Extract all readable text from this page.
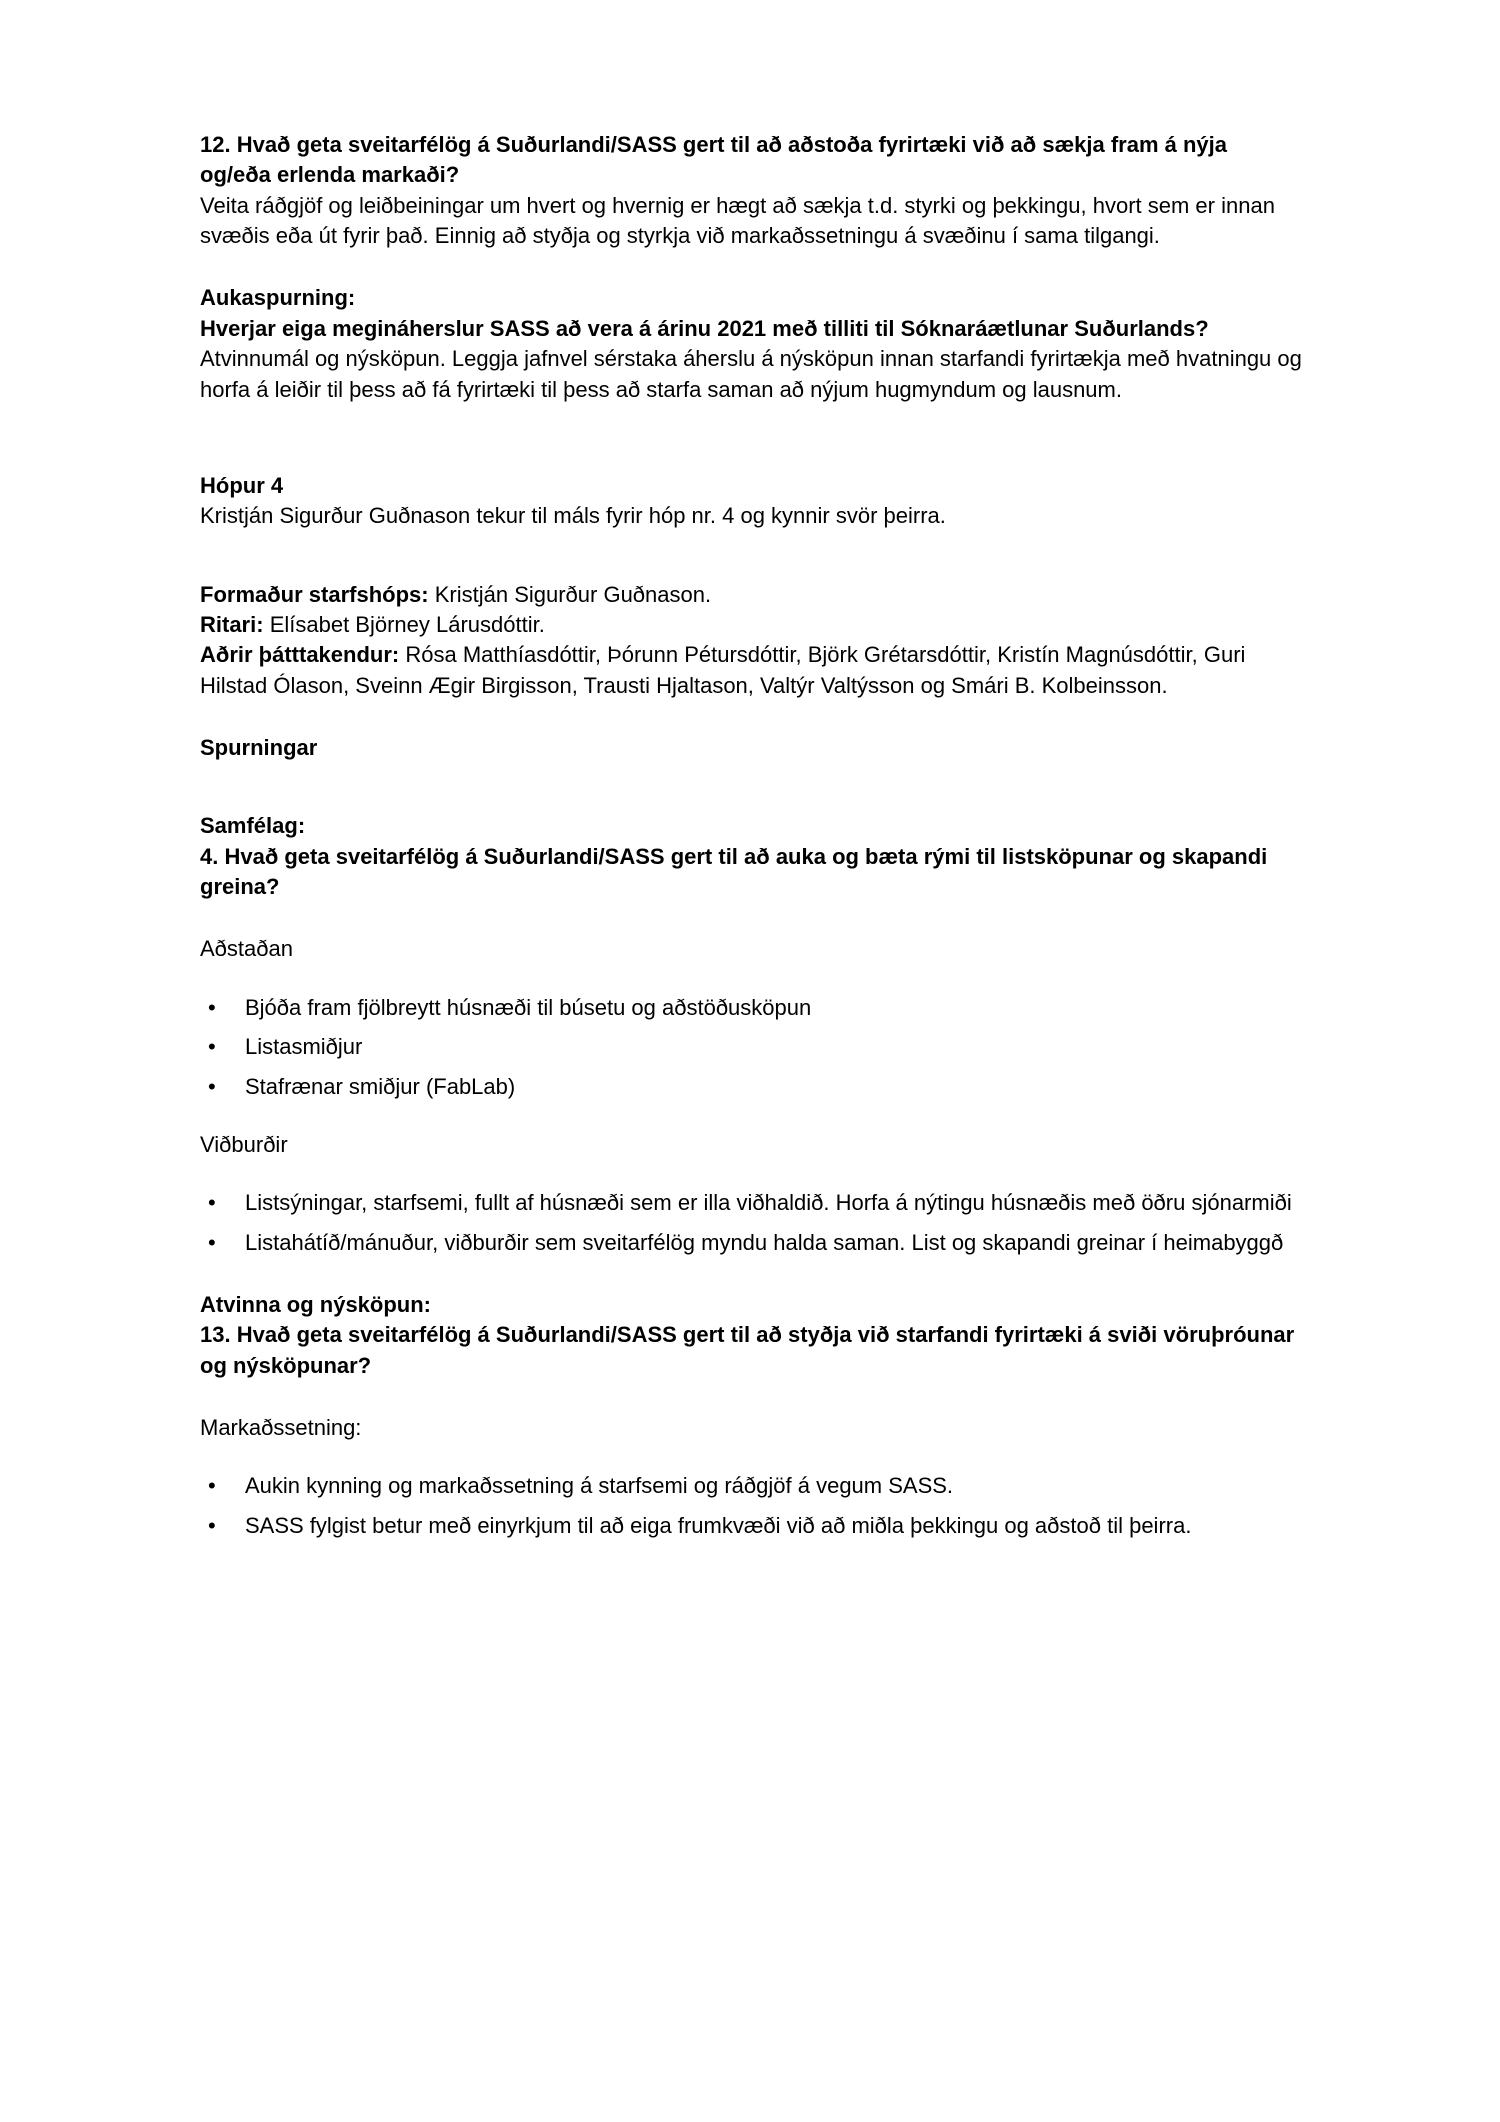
12. Hvað geta sveitarfélög á Suðurlandi/SASS gert til að aðstoða fyrirtæki við að sækja fram á nýja og/eða erlenda markaði?

Veita ráðgjöf og leiðbeiningar um hvert og hvernig er hægt að sækja t.d. styrki og þekkingu, hvort sem er innan svæðis eða út fyrir það. Einnig að styðja og styrkja við markaðssetningu á svæðinu í sama tilgangi.

Aukaspurning:

Hverjar eiga megináherslur SASS að vera á árinu 2021 með tilliti til Sóknaráætlunar Suðurlands?

Atvinnumál og nýsköpun. Leggja jafnvel sérstaka áherslu á nýsköpun innan starfandi fyrirtækja með hvatningu og horfa á leiðir til þess að fá fyrirtæki til þess að starfa saman að nýjum hugmyndum og lausnum.

Hópur 4

Kristján Sigurður Guðnason tekur til máls fyrir hóp nr. 4 og kynnir svör þeirra.

Formaður starfshóps: Kristján Sigurður Guðnason.

Ritari: Elísabet Björney Lárusdóttir.

Aðrir þátttakendur: Rósa Matthíasdóttir, Þórunn Pétursdóttir, Björk Grétarsdóttir, Kristín Magnúsdóttir, Guri Hilstad Ólason, Sveinn Ægir Birgisson, Trausti Hjaltason, Valtýr Valtýsson og Smári B. Kolbeinsson.

Spurningar

Samfélag:

4. Hvað geta sveitarfélög á Suðurlandi/SASS gert til að auka og bæta rými til listsköpunar og skapandi greina?

Aðstaðan

• Bjóða fram fjölbreytt húsnæði til búsetu og aðstöðusköpun
• Listasmiðjur
• Stafrænar smiðjur (FabLab)

Viðburðir

• Listsýningar, starfsemi, fullt af húsnæði sem er illa viðhaldið. Horfa á nýtingu húsnæðis með öðru sjónarmiði
• Listahátíð/mánuður, viðburðir sem sveitarfélög myndu halda saman. List og skapandi greinar í heimabyggð

Atvinna og nýsköpun:

13. Hvað geta sveitarfélög á Suðurlandi/SASS gert til að styðja við starfandi fyrirtæki á sviði vöruþróunar og nýsköpunar?

Markaðssetning:

• Aukin kynning og markaðssetning á starfsemi og ráðgjöf á vegum SASS.
• SASS fylgist betur með einyrkjum til að eiga frumkvæði við að miðla þekkingu og aðstoð til þeirra.
